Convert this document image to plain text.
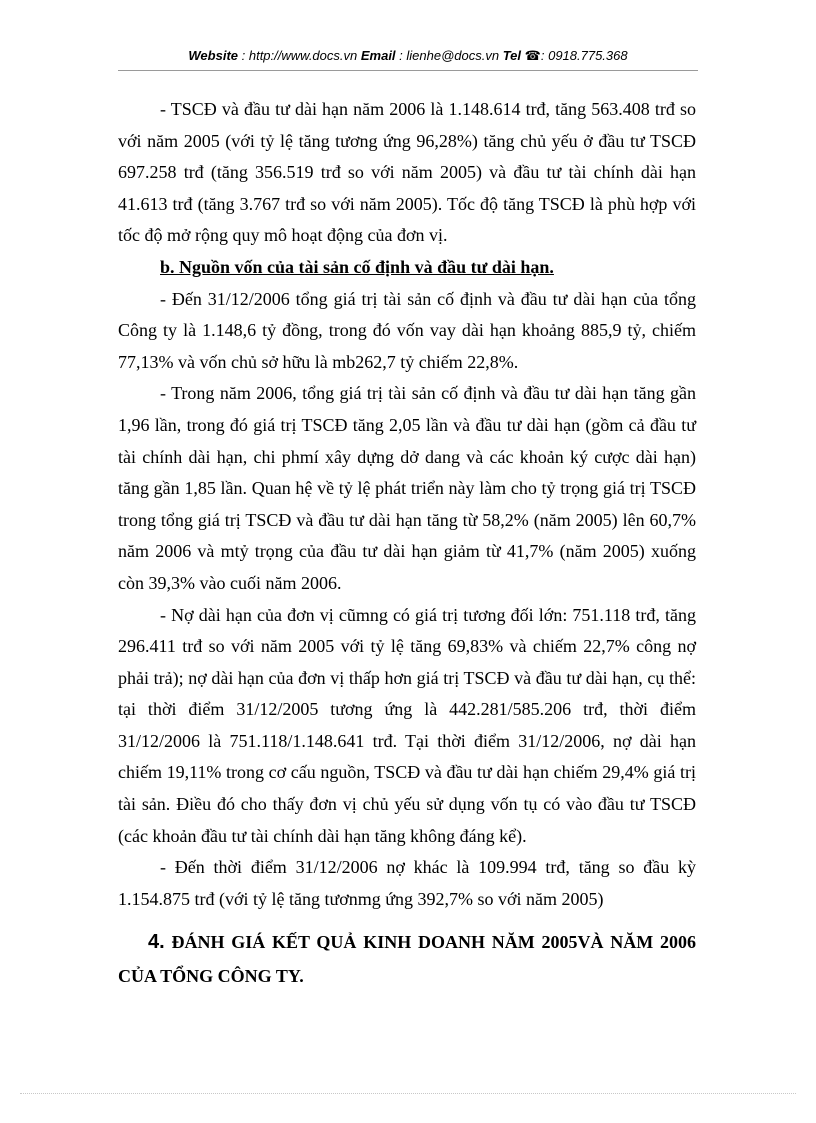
Website : http://www.docs.vn Email : lienhe@docs.vn Tel ☎: 0918.775.368

- TSCĐ và đầu tư dài hạn năm 2006 là 1.148.614 trđ, tăng 563.408 trđ so với năm 2005 (với tỷ lệ tăng tương ứng 96,28%) tăng chủ yếu ở đầu tư TSCĐ 697.258 trđ (tăng 356.519 trđ so với năm 2005) và đầu tư tài chính dài hạn 41.613 trđ (tăng 3.767 trđ so với năm 2005). Tốc độ tăng TSCĐ là phù hợp với tốc độ mở rộng quy mô hoạt động của đơn vị.

b. Nguồn vốn của tài sản cố định và đầu tư dài hạn.

- Đến 31/12/2006 tổng giá trị tài sản cố định và đầu tư dài hạn của tổng Công ty là 1.148,6 tỷ đồng, trong đó vốn vay dài hạn khoảng 885,9 tỷ, chiếm 77,13% và vốn chủ sở hữu là mb262,7 tỷ chiếm 22,8%.

- Trong năm 2006, tổng giá trị tài sản cố định và đầu tư dài hạn tăng gần 1,96 lần, trong đó giá trị TSCĐ tăng 2,05 lần và đầu tư dài hạn (gồm cả đầu tư tài chính dài hạn, chi phmí xây dựng dở dang và các khoản ký cược dài hạn) tăng gần 1,85 lần. Quan hệ về tỷ lệ phát triển này làm cho tỷ trọng giá trị TSCĐ trong tổng giá trị TSCĐ và đầu tư dài hạn tăng từ 58,2% (năm 2005) lên 60,7% năm 2006 và mtỷ trọng của đầu tư dài hạn giảm từ 41,7% (năm 2005) xuống còn 39,3% vào cuối năm 2006.

- Nợ dài hạn của đơn vị cũmng có giá trị tương đối lớn: 751.118 trđ, tăng 296.411 trđ so với năm 2005 với tỷ lệ tăng 69,83% và chiếm 22,7% công nợ phải trả); nợ dài hạn của đơn vị thấp hơn giá trị TSCĐ và đầu tư dài hạn, cụ thể: tại thời điểm 31/12/2005 tương ứng là 442.281/585.206 trđ, thời điểm 31/12/2006 là 751.118/1.148.641 trđ. Tại thời điểm 31/12/2006, nợ dài hạn chiếm 19,11% trong cơ cấu nguồn, TSCĐ và đầu tư dài hạn chiếm 29,4% giá trị tài sản. Điều đó cho thấy đơn vị chủ yếu sử dụng vốn tụ có vào đầu tư TSCĐ (các khoản đầu tư tài chính dài hạn tăng không đáng kể).

- Đến thời điểm 31/12/2006 nợ khác là 109.994 trđ, tăng so đầu kỳ 1.154.875 trđ (với tỷ lệ tăng tươnmg ứng 392,7% so với năm 2005)

4. ĐÁNH GIÁ KẾT QUẢ KINH DOANH NĂM 2005VÀ NĂM 2006 CỦA TỔNG CÔNG TY.
